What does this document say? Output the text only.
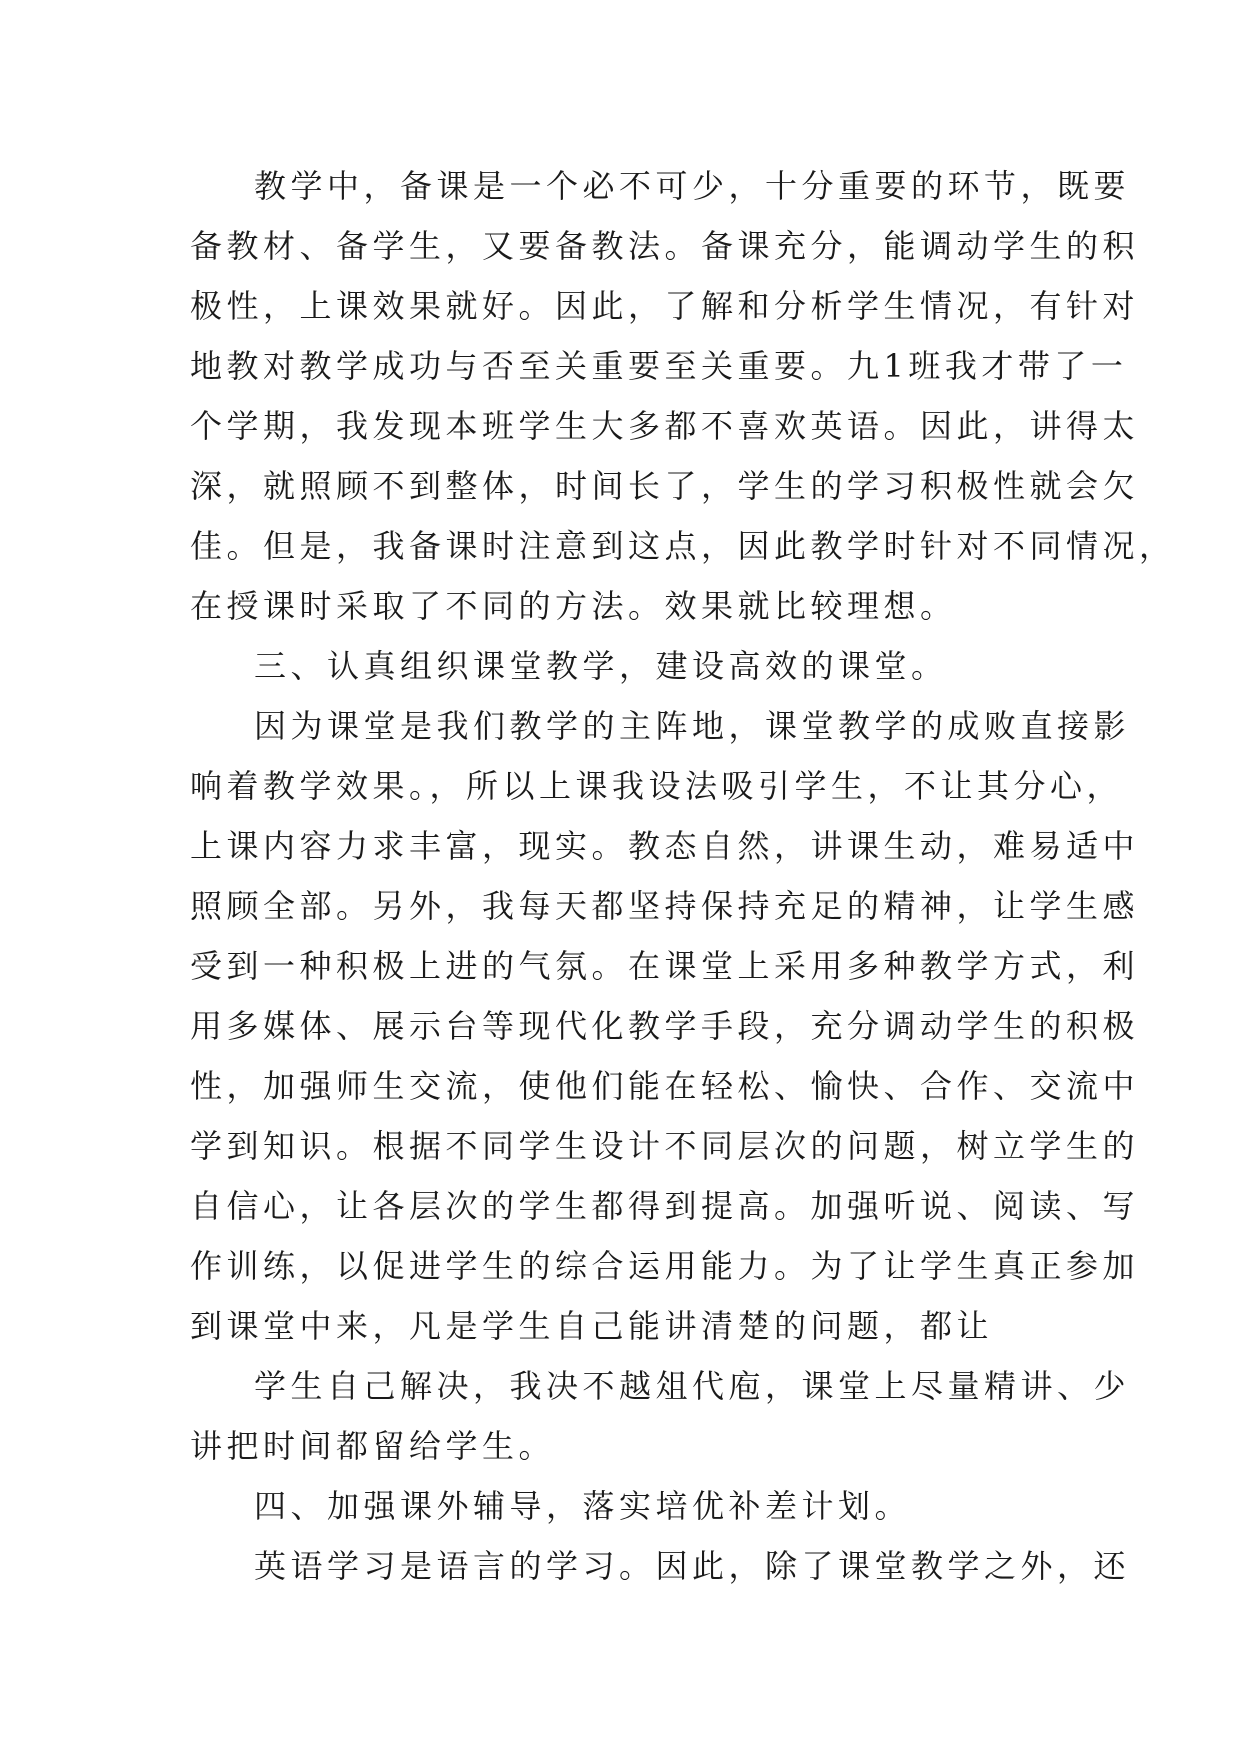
教学中，备课是一个必不可少，十分重要的环节，既要

备教材、备学生，又要备教法。备课充分，能调动学生的积

极性，上课效果就好。因此，了解和分析学生情况，有针对

地教对教学成功与否至关重要至关重要。九1班我才带了一

个学期，我发现本班学生大多都不喜欢英语。因此，讲得太

深，就照顾不到整体，时间长了，学生的学习积极性就会欠

佳。但是，我备课时注意到这点，因此教学时针对不同情况，

在授课时采取了不同的方法。效果就比较理想。

三、认真组织课堂教学，建设高效的课堂。

因为课堂是我们教学的主阵地，课堂教学的成败直接影

响着教学效果。，所以上课我设法吸引学生，不让其分心，

上课内容力求丰富，现实。教态自然，讲课生动，难易适中

照顾全部。另外，我每天都坚持保持充足的精神，让学生感

受到一种积极上进的气氛。在课堂上采用多种教学方式，利

用多媒体、展示台等现代化教学手段，充分调动学生的积极

性，加强师生交流，使他们能在轻松、愉快、合作、交流中

学到知识。根据不同学生设计不同层次的问题，树立学生的

自信心，让各层次的学生都得到提高。加强听说、阅读、写

作训练，以促进学生的综合运用能力。为了让学生真正参加

到课堂中来，凡是学生自己能讲清楚的问题，都让

学生自己解决，我决不越俎代庖，课堂上尽量精讲、少

讲把时间都留给学生。

四、加强课外辅导，落实培优补差计划。

英语学习是语言的学习。因此，除了课堂教学之外，还
